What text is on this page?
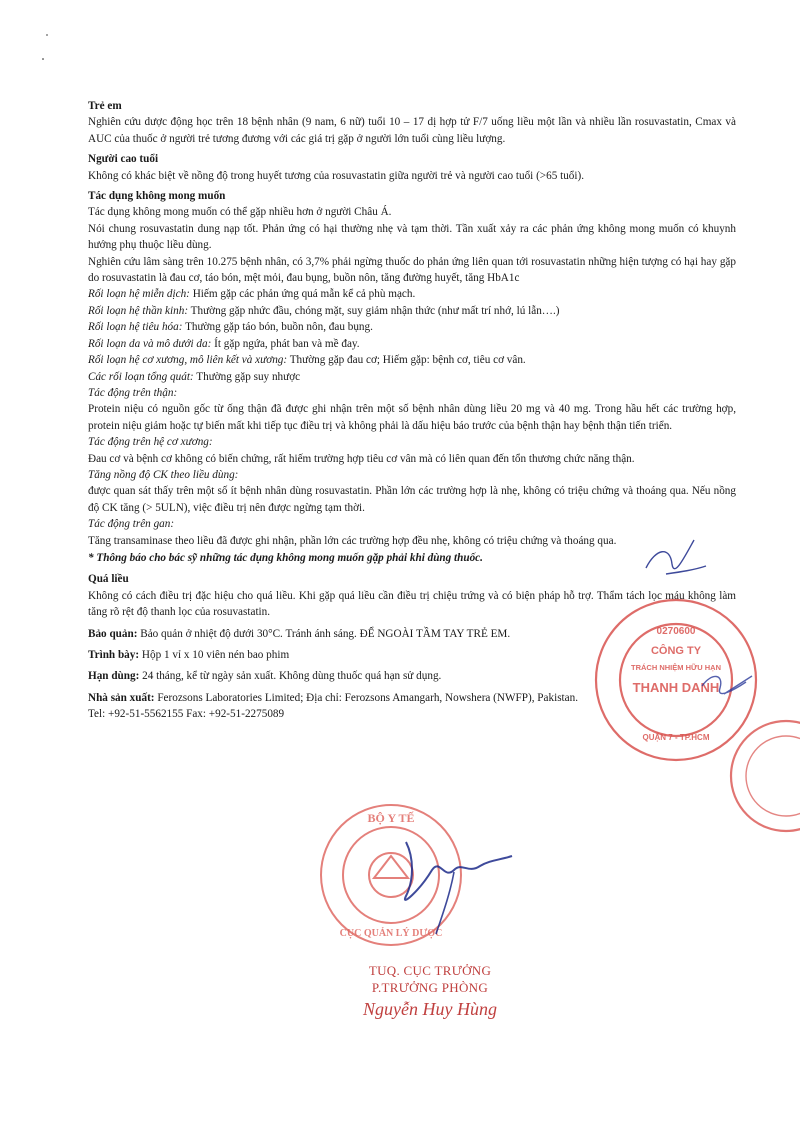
Trẻ em

Nghiên cứu dược động học trên 18 bệnh nhân (9 nam, 6 nữ) tuổi 10 – 17 dị hợp tử F/7 uống liều một lần và nhiều lần rosuvastatin, Cmax và AUC của thuốc ở người trẻ tương đương với các giá trị gặp ở người lớn tuổi cùng liều lượng.

Người cao tuổi

Không có khác biệt về nồng độ trong huyết tương của rosuvastatin giữa người trẻ và người cao tuổi (>65 tuổi).

Tác dụng không mong muốn

Tác dụng không mong muốn có thể gặp nhiều hơn ở người Châu Á.

Nói chung rosuvastatin dung nạp tốt. Phản ứng có hại thường nhẹ và tạm thời. Tần xuất xảy ra các phản ứng không mong muốn có khuynh hướng phụ thuộc liều dùng.

Nghiên cứu lâm sàng trên 10.275 bệnh nhân, có 3,7% phải ngừng thuốc do phản ứng liên quan tới rosuvastatin những hiện tượng có hại hay gặp do rosuvastatin là đau cơ, táo bón, mệt mỏi, đau bụng, buồn nôn, tăng đường huyết, tăng HbA1c

Rối loạn hệ miễn dịch: Hiếm gặp các phản ứng quá mẫn kể cả phù mạch.

Rối loạn hệ thần kinh: Thường gặp nhức đầu, chóng mặt, suy giảm nhận thức (như mất trí nhớ, lú lẫn….)

Rối loạn hệ tiêu hóa: Thường gặp táo bón, buồn nôn, đau bụng.

Rối loạn da và mô dưới da: Ít gặp ngứa, phát ban và mề đay.

Rối loạn hệ cơ xương, mô liên kết và xương: Thường gặp đau cơ; Hiếm gặp: bệnh cơ, tiêu cơ vân.

Các rối loạn tổng quát: Thường gặp suy nhược

Tác động trên thận:

Protein niệu có nguồn gốc từ ống thận đã được ghi nhận trên một số bệnh nhân dùng liều 20 mg và 40 mg. Trong hầu hết các trường hợp, protein niệu giảm hoặc tự biến mất khi tiếp tục điều trị và không phải là dấu hiệu báo trước của bệnh thận hay bệnh thận tiến triển.

Tác động trên hệ cơ xương:

Đau cơ và bệnh cơ không có biến chứng, rất hiếm trường hợp tiêu cơ vân mà có liên quan đến tổn thương chức năng thận.

Tăng nồng độ CK theo liều dùng:

được quan sát thấy trên một số ít bệnh nhân dùng rosuvastatin. Phần lớn các trường hợp là nhẹ, không có triệu chứng và thoáng qua. Nếu nồng độ CK tăng (> 5ULN), việc điều trị nên được ngừng tạm thời.

Tác động trên gan:

Tăng transaminase theo liều đã được ghi nhận, phần lớn các trường hợp đều nhẹ, không có triệu chứng và thoáng qua.

* Thông báo cho bác sỹ những tác dụng không mong muốn gặp phải khi dùng thuốc.

Quá liều

Không có cách điều trị đặc hiệu cho quá liều. Khi gặp quá liều cần điều trị chiệu trứng và có biện pháp hỗ trợ. Thẩm tách lọc máu không làm tăng rõ rệt độ thanh lọc của rosuvastatin.

Bảo quản: Bảo quản ở nhiệt độ dưới 30°C. Tránh ánh sáng. ĐỂ NGOÀI TẦM TAY TRẺ EM.

Trình bày: Hộp 1 vỉ x 10 viên nén bao phim

Hạn dùng: 24 tháng, kể từ ngày sản xuất. Không dùng thuốc quá hạn sử dụng.

Nhà sản xuất: Ferozsons Laboratories Limited; Địa chỉ: Ferozsons Amangarh, Nowshera (NWFP), Pakistan.

Tel: +92-51-5562155 Fax: +92-51-2275089

0270600
CÔNG TY
TRÁCH NHIỆM HỮU HẠN
THANH DANH
QUẬN 7 - TP.HCM
BỘ Y TẾ
CỤC QUẢN LÝ DƯỢC
TUQ. CỤC TRƯỞNG
P.TRƯỞNG PHÒNG
Nguyễn Huy Hùng
